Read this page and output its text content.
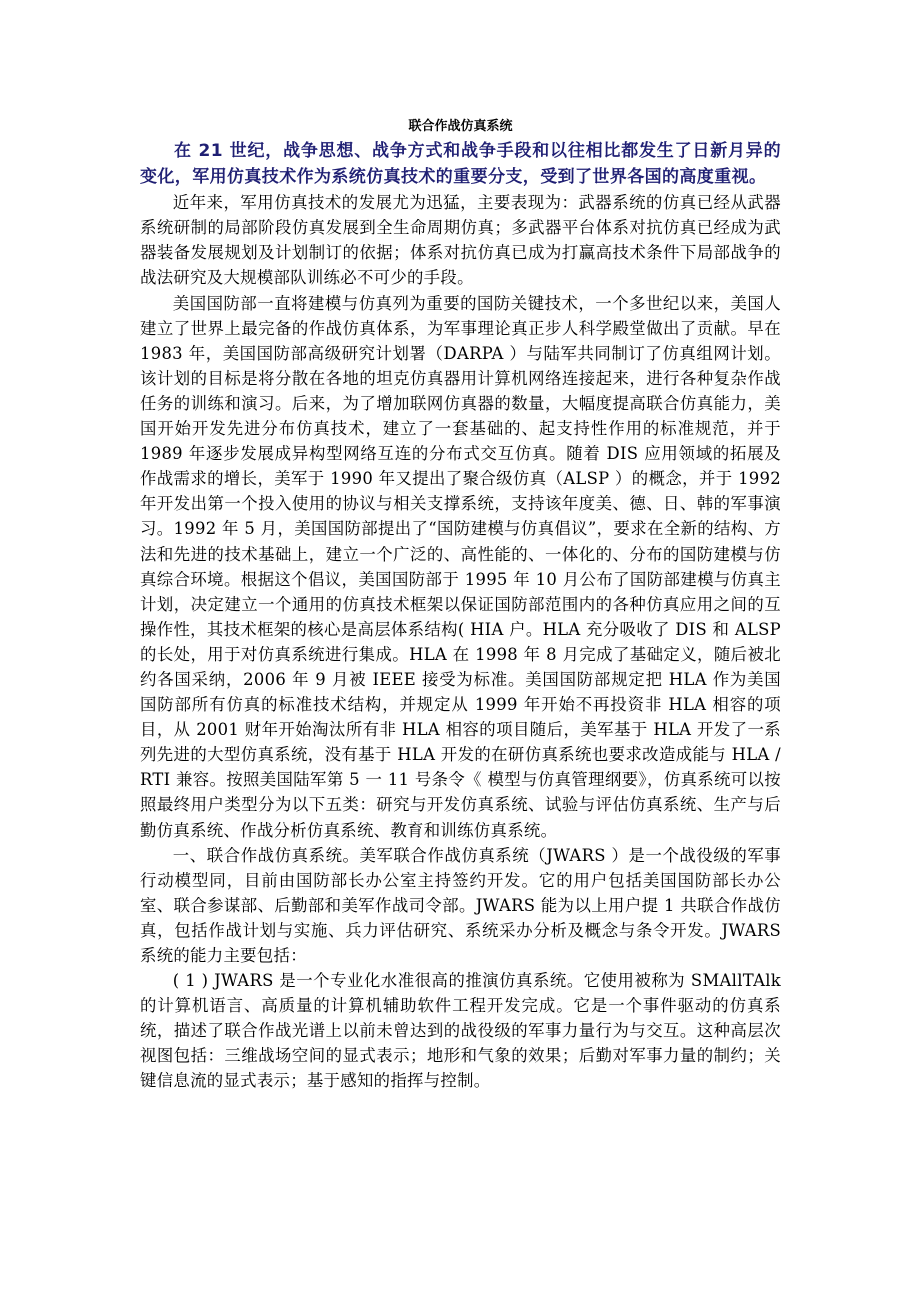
联合作战仿真系统

在 21 世纪，战争思想、战争方式和战争手段和以往相比都发生了日新月异的变化，军用仿真技术作为系统仿真技术的重要分支，受到了世界各国的高度重视。

近年来，军用仿真技术的发展尤为迅猛，主要表现为：武器系统的仿真已经从武器系统研制的局部阶段仿真发展到全生命周期仿真；多武器平台体系对抗仿真已经成为武器装备发展规划及计划制订的依据；体系对抗仿真已成为打赢高技术条件下局部战争的战法研究及大规模部队训练必不可少的手段。

美国国防部一直将建模与仿真列为重要的国防关键技术，一个多世纪以来，美国人建立了世界上最完备的作战仿真体系，为军事理论真正步人科学殿堂做出了贡献。早在 1983 年，美国国防部高级研究计划署（DARPA ）与陆军共同制订了仿真组网计划。该计划的目标是将分散在各地的坦克仿真器用计算机网络连接起来，进行各种复杂作战任务的训练和演习。后来，为了增加联网仿真器的数量，大幅度提高联合仿真能力，美国开始开发先进分布仿真技术，建立了一套基础的、起支持性作用的标准规范，并于 1989 年逐步发展成异构型网络互连的分布式交互仿真。随着 DIS 应用领域的拓展及作战需求的增长，美军于 1990 年又提出了聚合级仿真（ALSP ）的概念，并于 1992 年开发出第一个投入使用的协议与相关支撑系统，支持该年度美、德、日、韩的军事演习。1992 年 5 月，美国国防部提出了“国防建模与仿真倡议”，要求在全新的结构、方法和先进的技术基础上，建立一个广泛的、高性能的、一体化的、分布的国防建模与仿真综合环境。根据这个倡议，美国国防部于 1995 年 10 月公布了国防部建模与仿真主计划，决定建立一个通用的仿真技术框架以保证国防部范围内的各种仿真应用之间的互操作性，其技术框架的核心是高层体系结构( HIA 户。HLA 充分吸收了 DIS 和 ALSP 的长处，用于对仿真系统进行集成。HLA 在 1998 年 8 月完成了基础定义，随后被北约各国采纳，2006 年 9 月被 IEEE 接受为标准。美国国防部规定把 HLA 作为美国国防部所有仿真的标准技术结构，并规定从 1999 年开始不再投资非 HLA 相容的项目，从 2001 财年开始淘汰所有非 HLA 相容的项目随后，美军基于 HLA 开发了一系列先进的大型仿真系统，没有基于 HLA 开发的在研仿真系统也要求改造成能与 HLA / RTI 兼容。按照美国陆军第 5 一 11 号条令《 模型与仿真管理纲要》，仿真系统可以按照最终用户类型分为以下五类：研究与开发仿真系统、试验与评估仿真系统、生产与后勤仿真系统、作战分析仿真系统、教育和训练仿真系统。

一、联合作战仿真系统。美军联合作战仿真系统（JWARS ）是一个战役级的军事行动模型同，目前由国防部长办公室主持签约开发。它的用户包括美国国防部长办公室、联合参谋部、后勤部和美军作战司令部。JWARS 能为以上用户提 1 共联合作战仿真，包括作战计划与实施、兵力评估研究、系统采办分析及概念与条令开发。JWARS 系统的能力主要包括：

( 1 ) JWARS 是一个专业化水准很高的推演仿真系统。它使用被称为 SMAllTAlk 的计算机语言、高质量的计算机辅助软件工程开发完成。它是一个事件驱动的仿真系统，描述了联合作战光谱上以前未曾达到的战役级的军事力量行为与交互。这种高层次视图包括：三维战场空间的显式表示；地形和气象的效果；后勤对军事力量的制约；关键信息流的显式表示；基于感知的指挥与控制。
